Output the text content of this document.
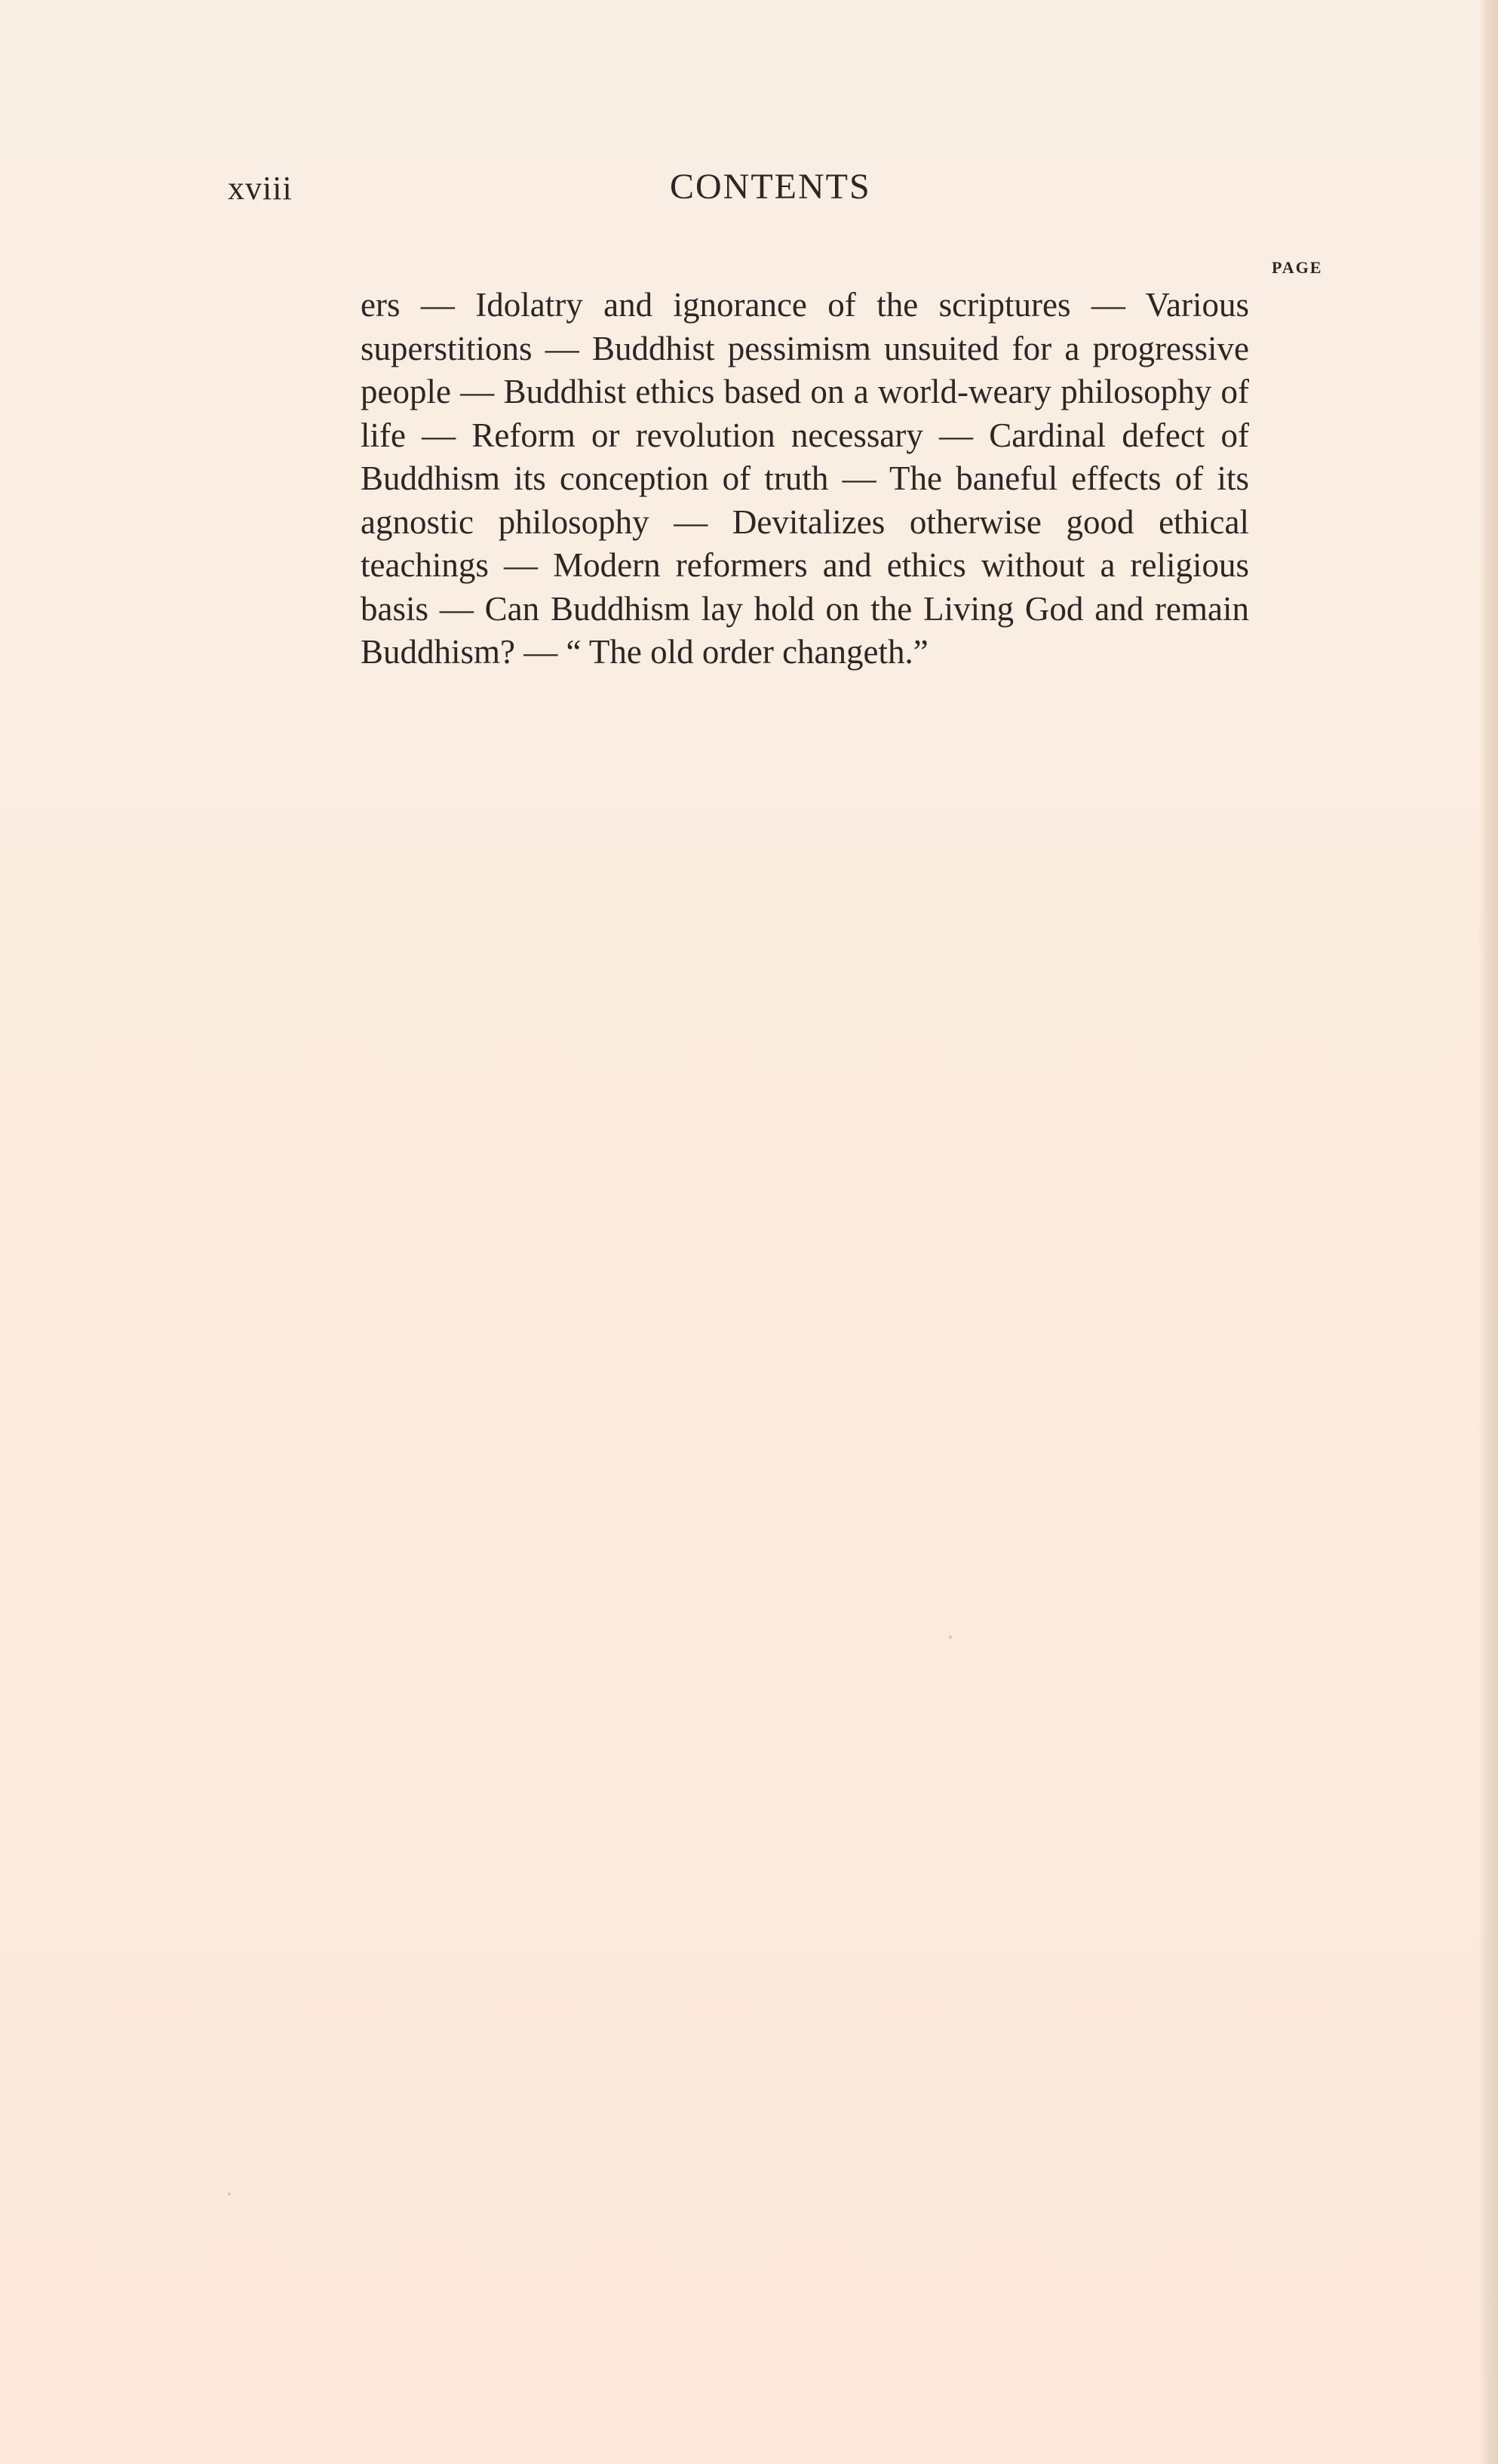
xviii	CONTENTS
PAGE

ers — Idolatry and ignorance of the scriptures — Various superstitions — Buddhist pessimism unsuited for a progressive people — Buddhist ethics based on a world-weary philosophy of life — Reform or revolution necessary — Cardinal defect of Buddhism its conception of truth — The baneful effects of its agnostic philosophy — Devitalizes otherwise good ethical teachings — Modern reformers and ethics without a religious basis — Can Buddhism lay hold on the Living God and remain Buddhism? — “ The old order changeth.”
